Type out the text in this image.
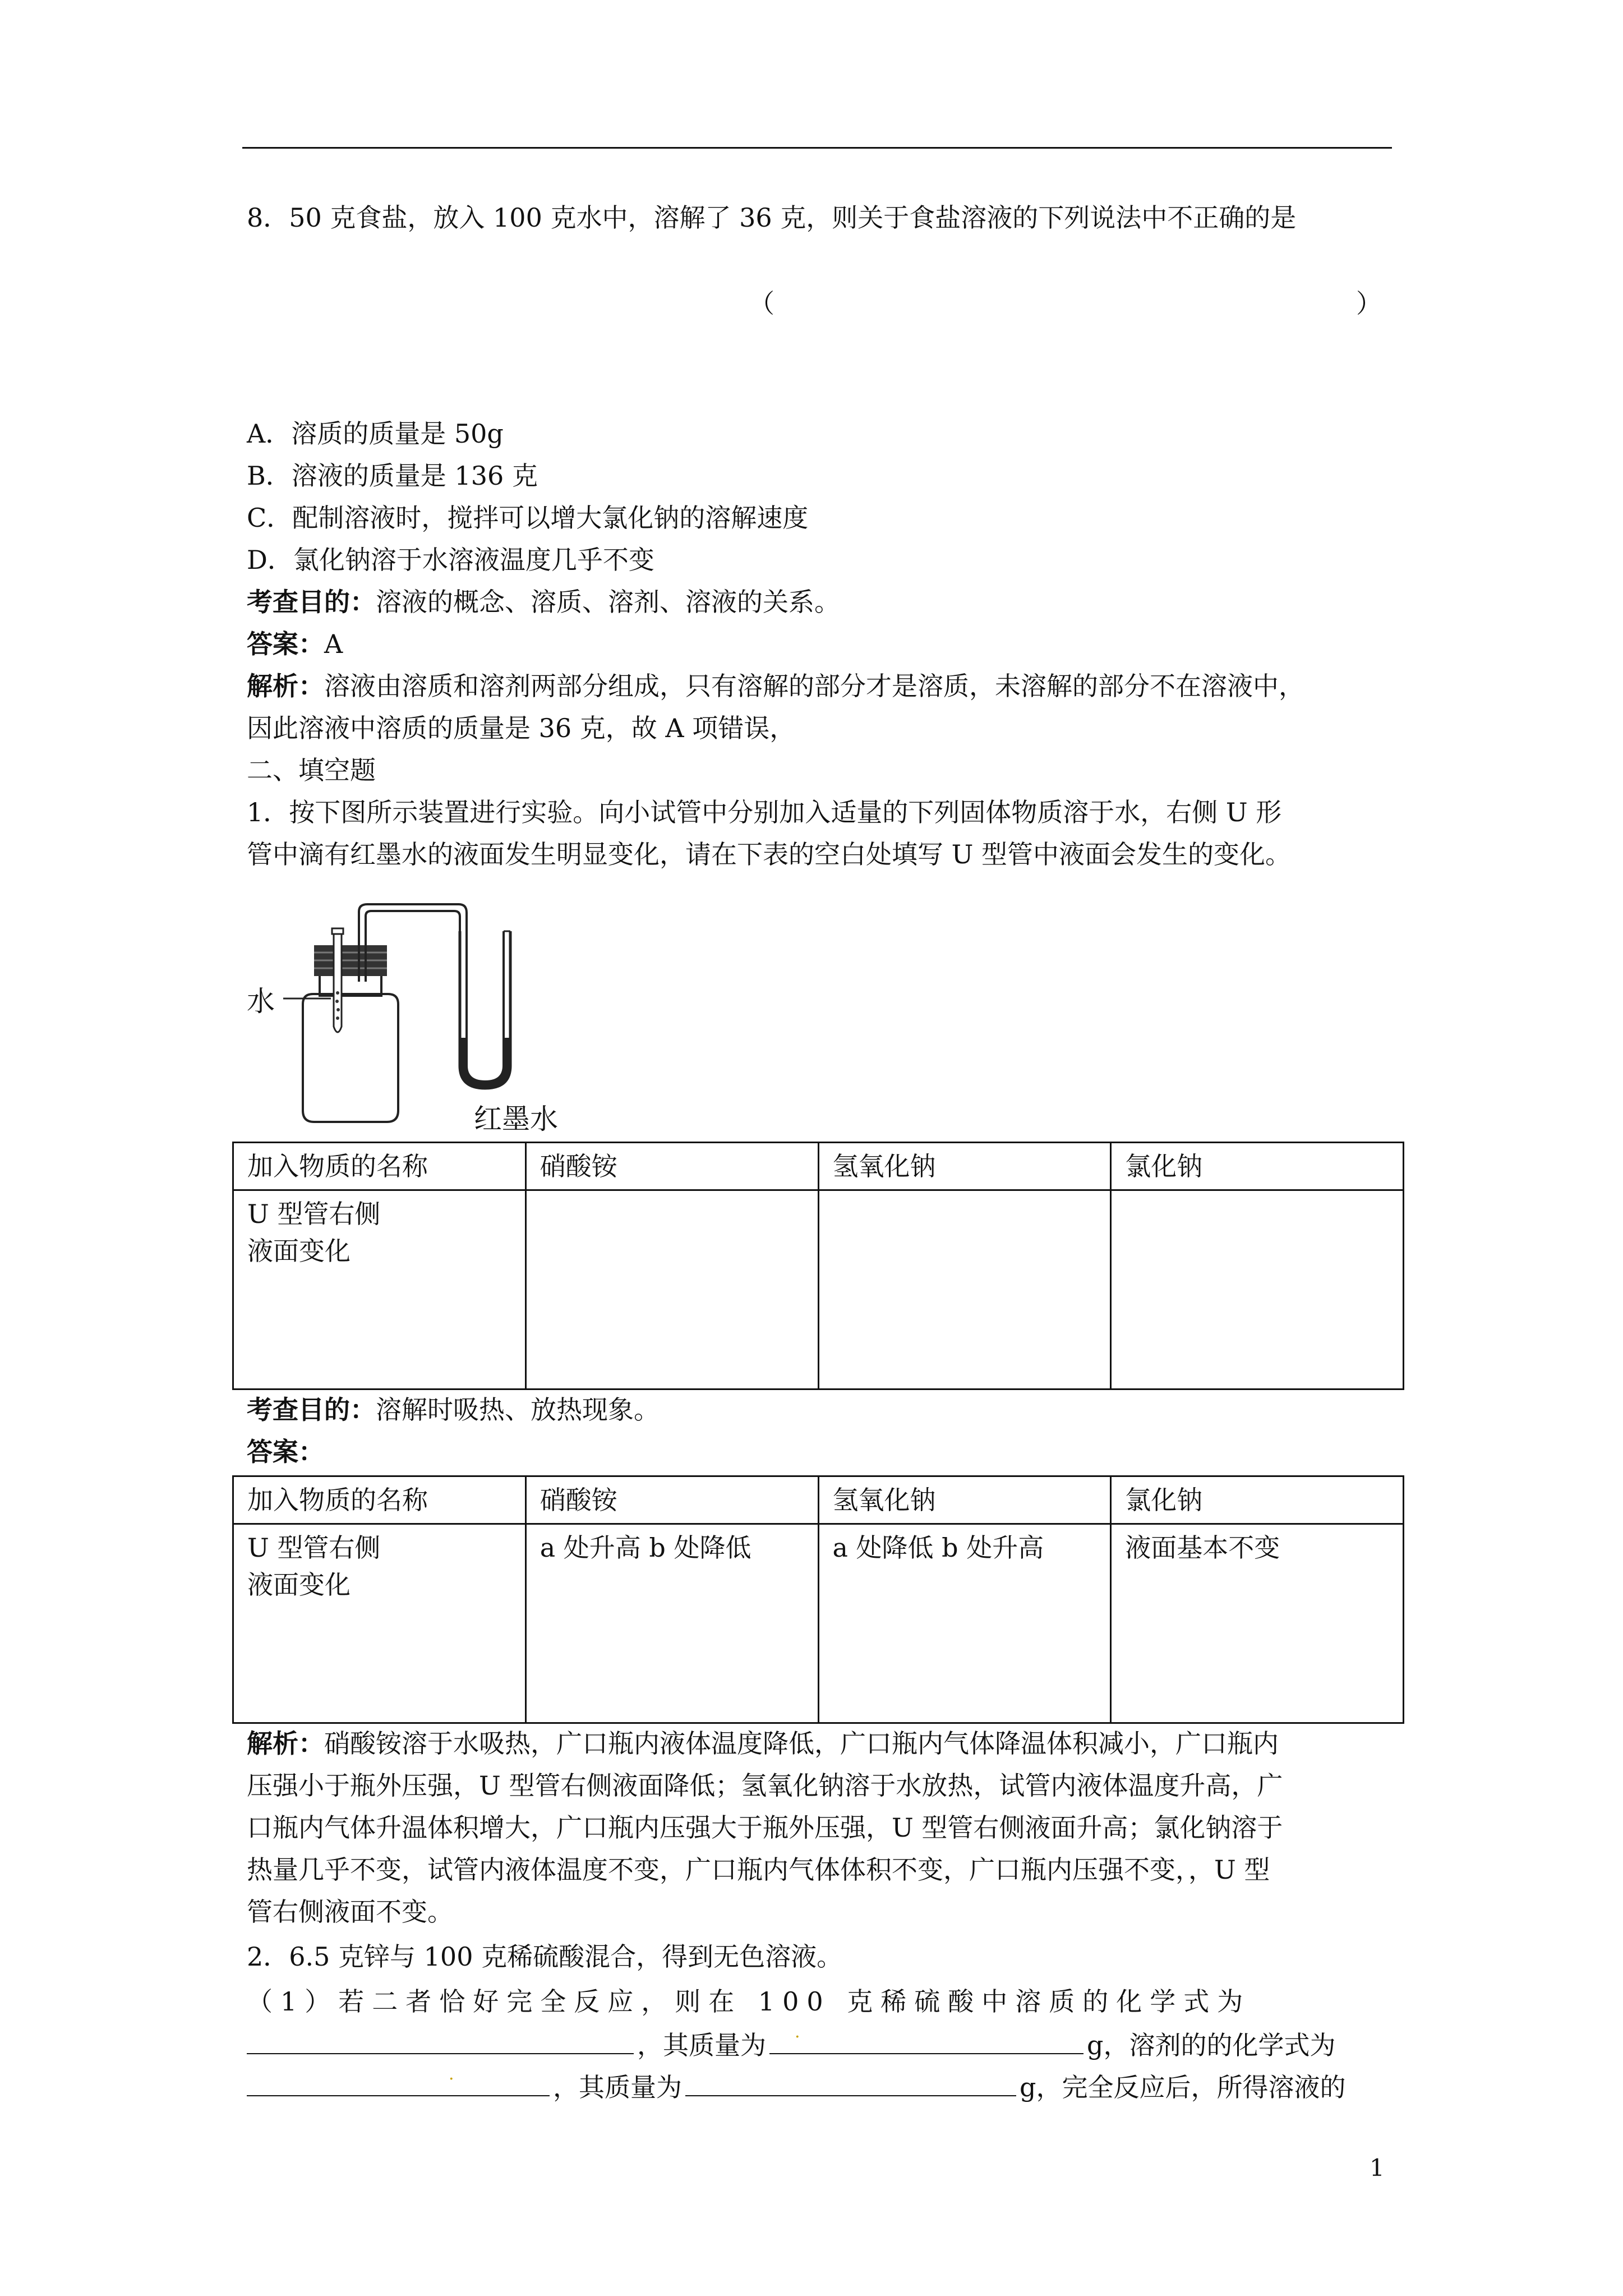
8．50 克食盐，放入 100 克水中，溶解了 36 克，则关于食盐溶液的下列说法中不正确的是
（	）
A．溶质的质量是 50g
B．溶液的质量是 136 克
C．配制溶液时，搅拌可以增大氯化钠的溶解速度
D．氯化钠溶于水溶液温度几乎不变
考查目的：溶液的概念、溶质、溶剂、溶液的关系。
答案：A
解析：溶液由溶质和溶剂两部分组成，只有溶解的部分才是溶质，未溶解的部分不在溶液中，
因此溶液中溶质的质量是 36 克，故 A 项错误，
二、填空题
1．按下图所示装置进行实验。向小试管中分别加入适量的下列固体物质溶于水，右侧 U 形
管中滴有红墨水的液面发生明显变化，请在下表的空白处填写 U 型管中液面会发生的变化。
水
红墨水
加入物质的名称	硝酸铵	氢氧化钠	氯化钠

U 型管右侧
液面变化			

考查目的：溶解时吸热、放热现象。
答案：
加入物质的名称	硝酸铵	氢氧化钠	氯化钠

U 型管右侧
液面变化	a 处升高 b 处降低	a 处降低 b 处升高	液面基本不变
解析：硝酸铵溶于水吸热，广口瓶内液体温度降低，广口瓶内气体降温体积减小，广口瓶内
压强小于瓶外压强，U 型管右侧液面降低；氢氧化钠溶于水放热，试管内液体温度升高，广
口瓶内气体升温体积增大，广口瓶内压强大于瓶外压强，U 型管右侧液面升高；氯化钠溶于
热量几乎不变，试管内液体温度不变，广口瓶内气体体积不变，广口瓶内压强不变，，U 型
管右侧液面不变。
2．6.5 克锌与 100 克稀硫酸混合，得到无色溶液。
（1）若二者恰好完全反应，则在 100 克稀硫酸中溶质的化学式为
，其质量为 .	g，溶剂的的化学式为
.	，其质量为	g，完全反应后，所得溶液的
1
